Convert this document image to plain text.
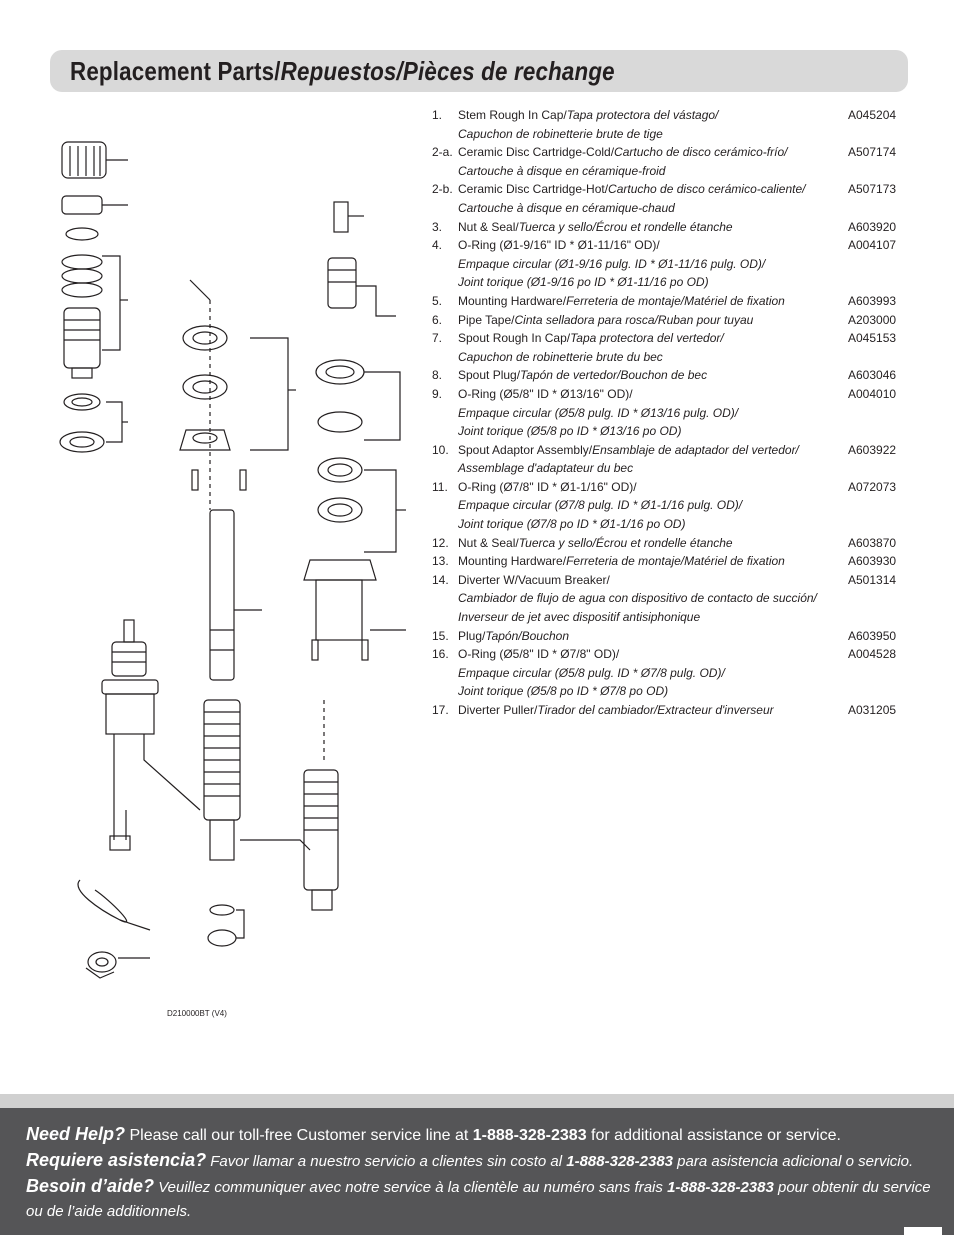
Replacement Parts/Repuestos/Pièces de rechange
D210000BT (V4)
1.	Stem Rough In Cap/Tapa protectora del vástago/	A045204
Capuchon de robinetterie brute de tige
2-a. Ceramic Disc Cartridge-Cold/Cartucho de disco cerámico-frío/	A507174
Cartouche à disque en céramique-froid
2-b. Ceramic Disc Cartridge-Hot/Cartucho de disco cerámico-caliente/	A507173
Cartouche à disque en céramique-chaud
3.	Nut & Seal/Tuerca y sello/Écrou et rondelle étanche	A603920
4.	O-Ring (Ø1-9/16" ID * Ø1-11/16" OD)/	A004107
Empaque circular (Ø1-9/16 pulg. ID * Ø1-11/16 pulg. OD)/
Joint torique (Ø1-9/16 po ID * Ø1-11/16 po OD)
5.	Mounting Hardware/Ferreteria de montaje/Matériel de fixation	A603993
6.	Pipe Tape/Cinta selladora para rosca/Ruban pour tuyau	A203000
7.	Spout Rough In Cap/Tapa protectora del vertedor/	A045153
Capuchon de robinetterie brute du bec
8.	Spout Plug/Tapón de vertedor/Bouchon de bec	A603046
9.	O-Ring (Ø5/8" ID * Ø13/16" OD)/	A004010
Empaque circular (Ø5/8 pulg. ID * Ø13/16 pulg. OD)/
Joint torique (Ø5/8 po ID * Ø13/16 po OD)
10. Spout Adaptor Assembly/Ensamblaje de adaptador del vertedor/	A603922
Assemblage d'adaptateur du bec
11. O-Ring (Ø7/8" ID * Ø1-1/16" OD)/	A072073
Empaque circular (Ø7/8 pulg. ID * Ø1-1/16 pulg. OD)/
Joint torique (Ø7/8 po ID * Ø1-1/16 po OD)
12. Nut & Seal/Tuerca y sello/Écrou et rondelle étanche	A603870
13. Mounting Hardware/Ferreteria de montaje/Matériel de fixation	A603930
14. Diverter W/Vacuum Breaker/	A501314
Cambiador de flujo de agua con dispositivo de contacto de succión/
Inverseur de jet avec dispositif antisiphonique
15. Plug/Tapón/Bouchon	A603950
16. O-Ring (Ø5/8" ID * Ø7/8" OD)/	A004528
Empaque circular (Ø5/8 pulg. ID * Ø7/8 pulg. OD)/
Joint torique (Ø5/8 po ID * Ø7/8 po OD)
17. Diverter Puller/Tirador del cambiador/Extracteur d'inverseur	A031205
Need Help? Please call our toll-free Customer service line at 1-888-328-2383 for additional assistance or service.
Requiere asistencia? Favor llamar a nuestro servicio a clientes sin costo al 1-888-328-2383 para asistencia adicional o servicio.
Besoin d’aide? Veuillez communiquer avec notre service à la clientèle au numéro sans frais 1-888-328-2383 pour obtenir du service ou de l’aide additionnels.
